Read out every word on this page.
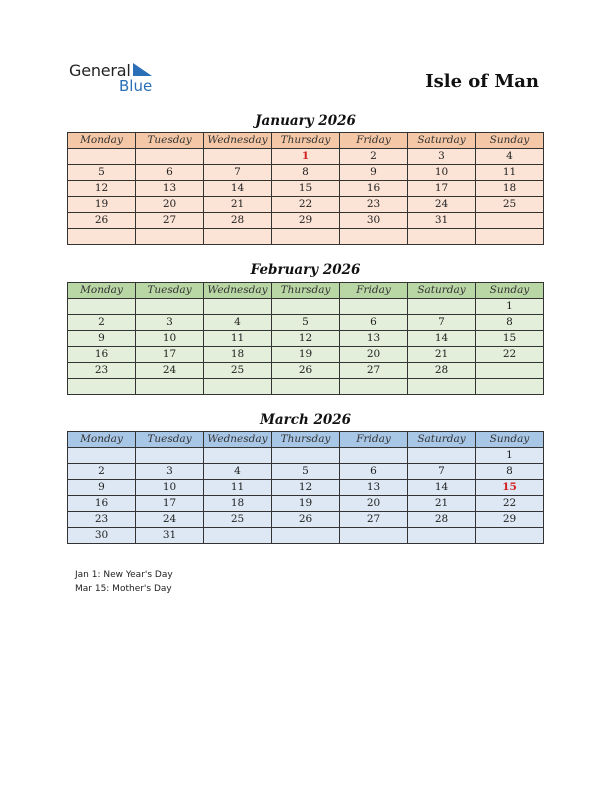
General
Blue	Isle of Man
January 2026
Monday	Tuesday	Wednesday	Thursday	Friday	Saturday	Sunday
			1	2	3	4
5	6	7	8	9	10	11
12	13	14	15	16	17	18
19	20	21	22	23	24	25
26	27	28	29	30	31	

February 2026
Monday	Tuesday	Wednesday	Thursday	Friday	Saturday	Sunday
						1
2	3	4	5	6	7	8
9	10	11	12	13	14	15
16	17	18	19	20	21	22
23	24	25	26	27	28	

March 2026
Monday	Tuesday	Wednesday	Thursday	Friday	Saturday	Sunday
						1
2	3	4	5	6	7	8
9	10	11	12	13	14	15
16	17	18	19	20	21	22
23	24	25	26	27	28	29
30	31					
Jan 1: New Year's Day
Mar 15: Mother's Day
